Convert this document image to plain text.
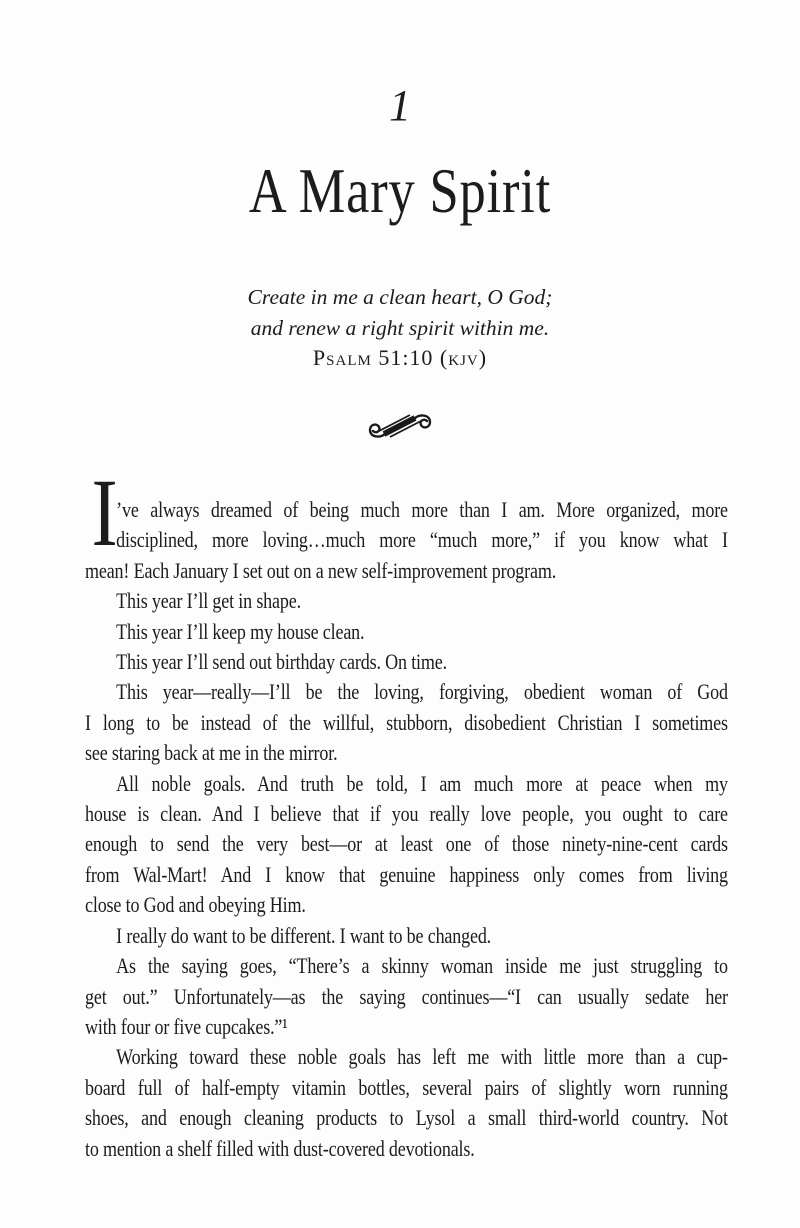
1
A Mary Spirit
Create in me a clean heart, O God;
and renew a right spirit within me.
Psalm 51:10 (kjv)
I
’ve always dreamed of being much more than I am. More organized, more
disciplined, more loving…much more “much more,” if you know what I
mean! Each January I set out on a new self-improvement program.
This year I’ll get in shape.
This year I’ll keep my house clean.
This year I’ll send out birthday cards. On time.
This year—really—I’ll be the loving, forgiving, obedient woman of God
I long to be instead of the willful, stubborn, disobedient Christian I sometimes
see staring back at me in the mirror.
All noble goals. And truth be told, I am much more at peace when my
house is clean. And I believe that if you really love people, you ought to care
enough to send the very best—or at least one of those ninety-nine-cent cards
from Wal-Mart! And I know that genuine happiness only comes from living
close to God and obeying Him.
I really do want to be different. I want to be changed.
As the saying goes, “There’s a skinny woman inside me just struggling to
get out.” Unfortunately—as the saying continues—“I can usually sedate her
with four or five cupcakes.”¹
Working toward these noble goals has left me with little more than a cup-
board full of half-empty vitamin bottles, several pairs of slightly worn running
shoes, and enough cleaning products to Lysol a small third-world country. Not
to mention a shelf filled with dust-covered devotionals.
